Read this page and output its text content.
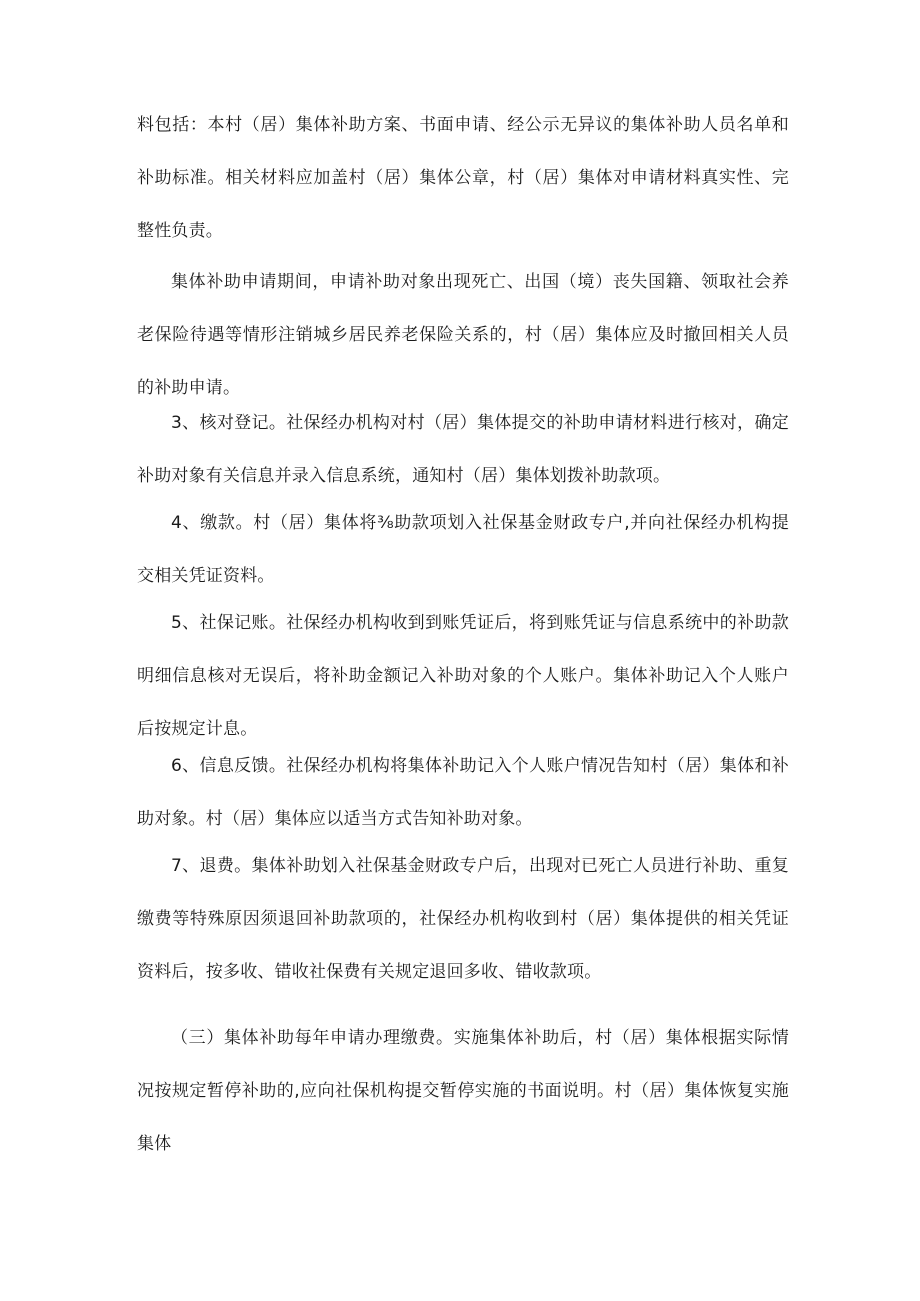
料包括：本村（居）集体补助方案、书面申请、经公示无异议的集体补助人员名单和补助标准。相关材料应加盖村（居）集体公章，村（居）集体对申请材料真实性、完整性负责。

集体补助申请期间，申请补助对象出现死亡、出国（境）丧失国籍、领取社会养老保险待遇等情形注销城乡居民养老保险关系的，村（居）集体应及时撤回相关人员的补助申请。

3、核对登记。社保经办机构对村（居）集体提交的补助申请材料进行核对，确定补助对象有关信息并录入信息系统，通知村（居）集体划拨补助款项。

4、缴款。村（居）集体将⅜助款项划入社保基金财政专户,并向社保经办机构提交相关凭证资料。

5、社保记账。社保经办机构收到到账凭证后，将到账凭证与信息系统中的补助款明细信息核对无误后，将补助金额记入补助对象的个人账户。集体补助记入个人账户后按规定计息。

6、信息反馈。社保经办机构将集体补助记入个人账户情况告知村（居）集体和补助对象。村（居）集体应以适当方式告知补助对象。

7、退费。集体补助划入社保基金财政专户后，出现对已死亡人员进行补助、重复缴费等特殊原因须退回补助款项的，社保经办机构收到村（居）集体提供的相关凭证资料后，按多收、错收社保费有关规定退回多收、错收款项。

（三）集体补助每年申请办理缴费。实施集体补助后，村（居）集体根据实际情况按规定暂停补助的,应向社保机构提交暂停实施的书面说明。村（居）集体恢复实施集体
